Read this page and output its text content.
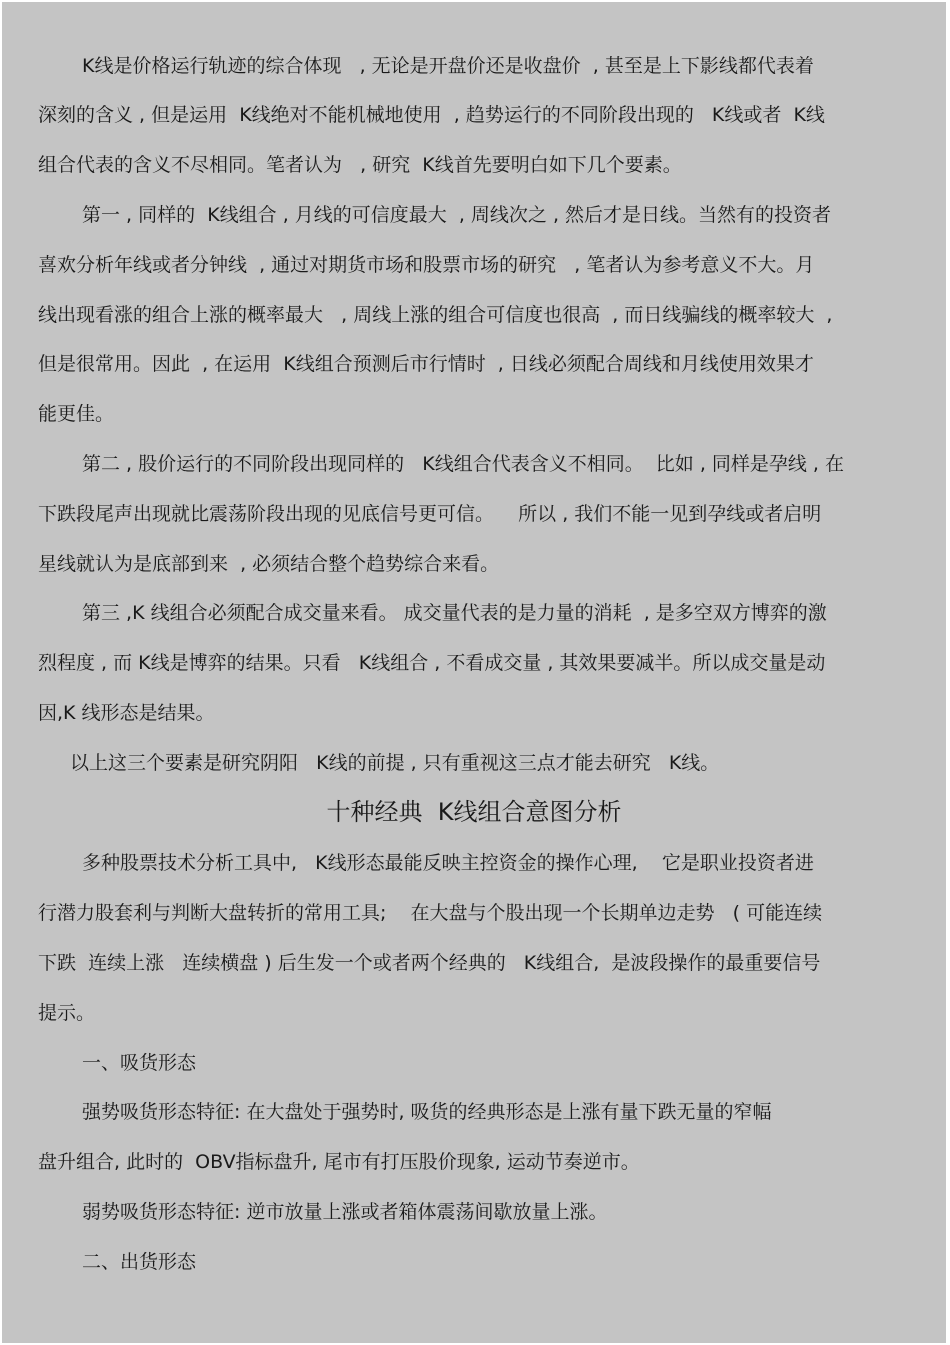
K线是价格运行轨迹的综合体现   , 无论是开盘价还是收盘价  , 甚至是上下影线都代表着
深刻的含义 , 但是运用  K线绝对不能机械地使用  , 趋势运行的不同阶段出现的   K线或者  K线
组合代表的含义不尽相同。笔者认为   , 研究  K线首先要明白如下几个要素。
第一 , 同样的  K线组合 , 月线的可信度最大  , 周线次之 , 然后才是日线。当然有的投资者
喜欢分析年线或者分钟线  , 通过对期货市场和股票市场的研究   , 笔者认为参考意义不大。月
线出现看涨的组合上涨的概率最大   , 周线上涨的组合可信度也很高  , 而日线骗线的概率较大  ,
但是很常用。因此  , 在运用  K线组合预测后市行情时  , 日线必须配合周线和月线使用效果才
能更佳。
第二 , 股价运行的不同阶段出现同样的   K线组合代表含义不相同。  比如 , 同样是孕线 , 在
下跌段尾声出现就比震荡阶段出现的见底信号更可信。    所以 , 我们不能一见到孕线或者启明
星线就认为是底部到来  , 必须结合整个趋势综合来看。
第三 ,K 线组合必须配合成交量来看。 成交量代表的是力量的消耗  , 是多空双方博弈的激
烈程度 , 而 K线是博弈的结果。只看   K线组合 , 不看成交量 , 其效果要减半。所以成交量是动
因,K 线形态是结果。
以上这三个要素是研究阴阳   K线的前提 , 只有重视这三点才能去研究   K线。
十种经典  K线组合意图分析
多种股票技术分析工具中,   K线形态最能反映主控资金的操作心理,    它是职业投资者进
行潜力股套利与判断大盘转折的常用工具;    在大盘与个股出现一个长期单边走势   ( 可能连续
下跌  连续上涨   连续横盘 ) 后生发一个或者两个经典的   K线组合,  是波段操作的最重要信号
提示。
一、吸货形态
强势吸货形态特征: 在大盘处于强势时, 吸货的经典形态是上涨有量下跌无量的窄幅
盘升组合, 此时的  OBV指标盘升, 尾市有打压股价现象, 运动节奏逆市。
弱势吸货形态特征: 逆市放量上涨或者箱体震荡间歇放量上涨。
二、出货形态
